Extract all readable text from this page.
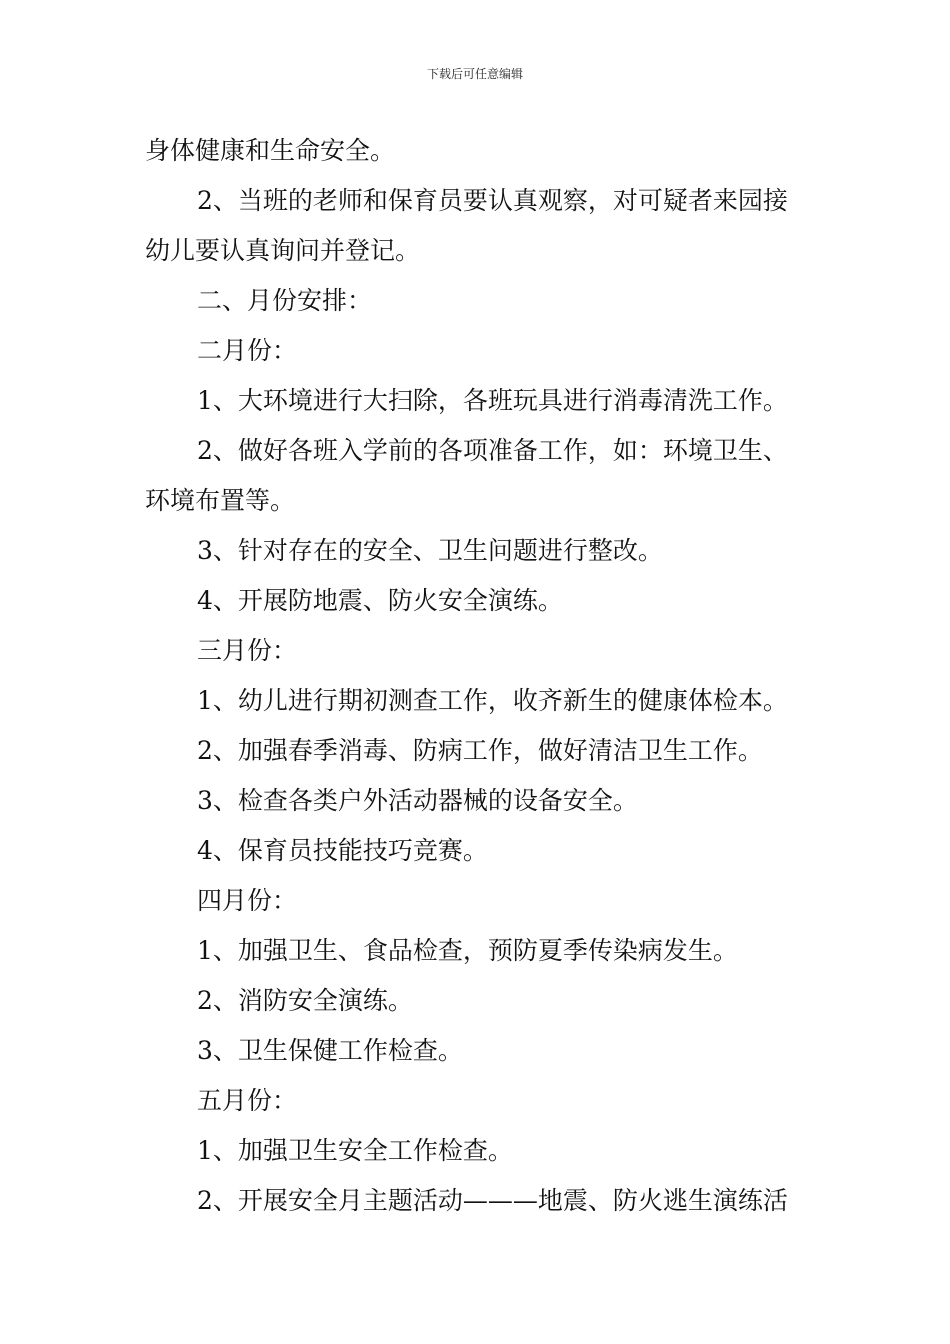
下载后可任意编辑
身体健康和生命安全。
2、当班的老师和保育员要认真观察，对可疑者来园接
幼儿要认真询问并登记。
二、月份安排：
二月份：
1、大环境进行大扫除，各班玩具进行消毒清洗工作。
2、做好各班入学前的各项准备工作，如：环境卫生、
环境布置等。
3、针对存在的安全、卫生问题进行整改。
4、开展防地震、防火安全演练。
三月份：
1、幼儿进行期初测查工作，收齐新生的健康体检本。
2、加强春季消毒、防病工作，做好清洁卫生工作。
3、检查各类户外活动器械的设备安全。
4、保育员技能技巧竞赛。
四月份：
1、加强卫生、食品检查，预防夏季传染病发生。
2、消防安全演练。
3、卫生保健工作检查。
五月份：
1、加强卫生安全工作检查。
2、开展安全月主题活动———地震、防火逃生演练活
